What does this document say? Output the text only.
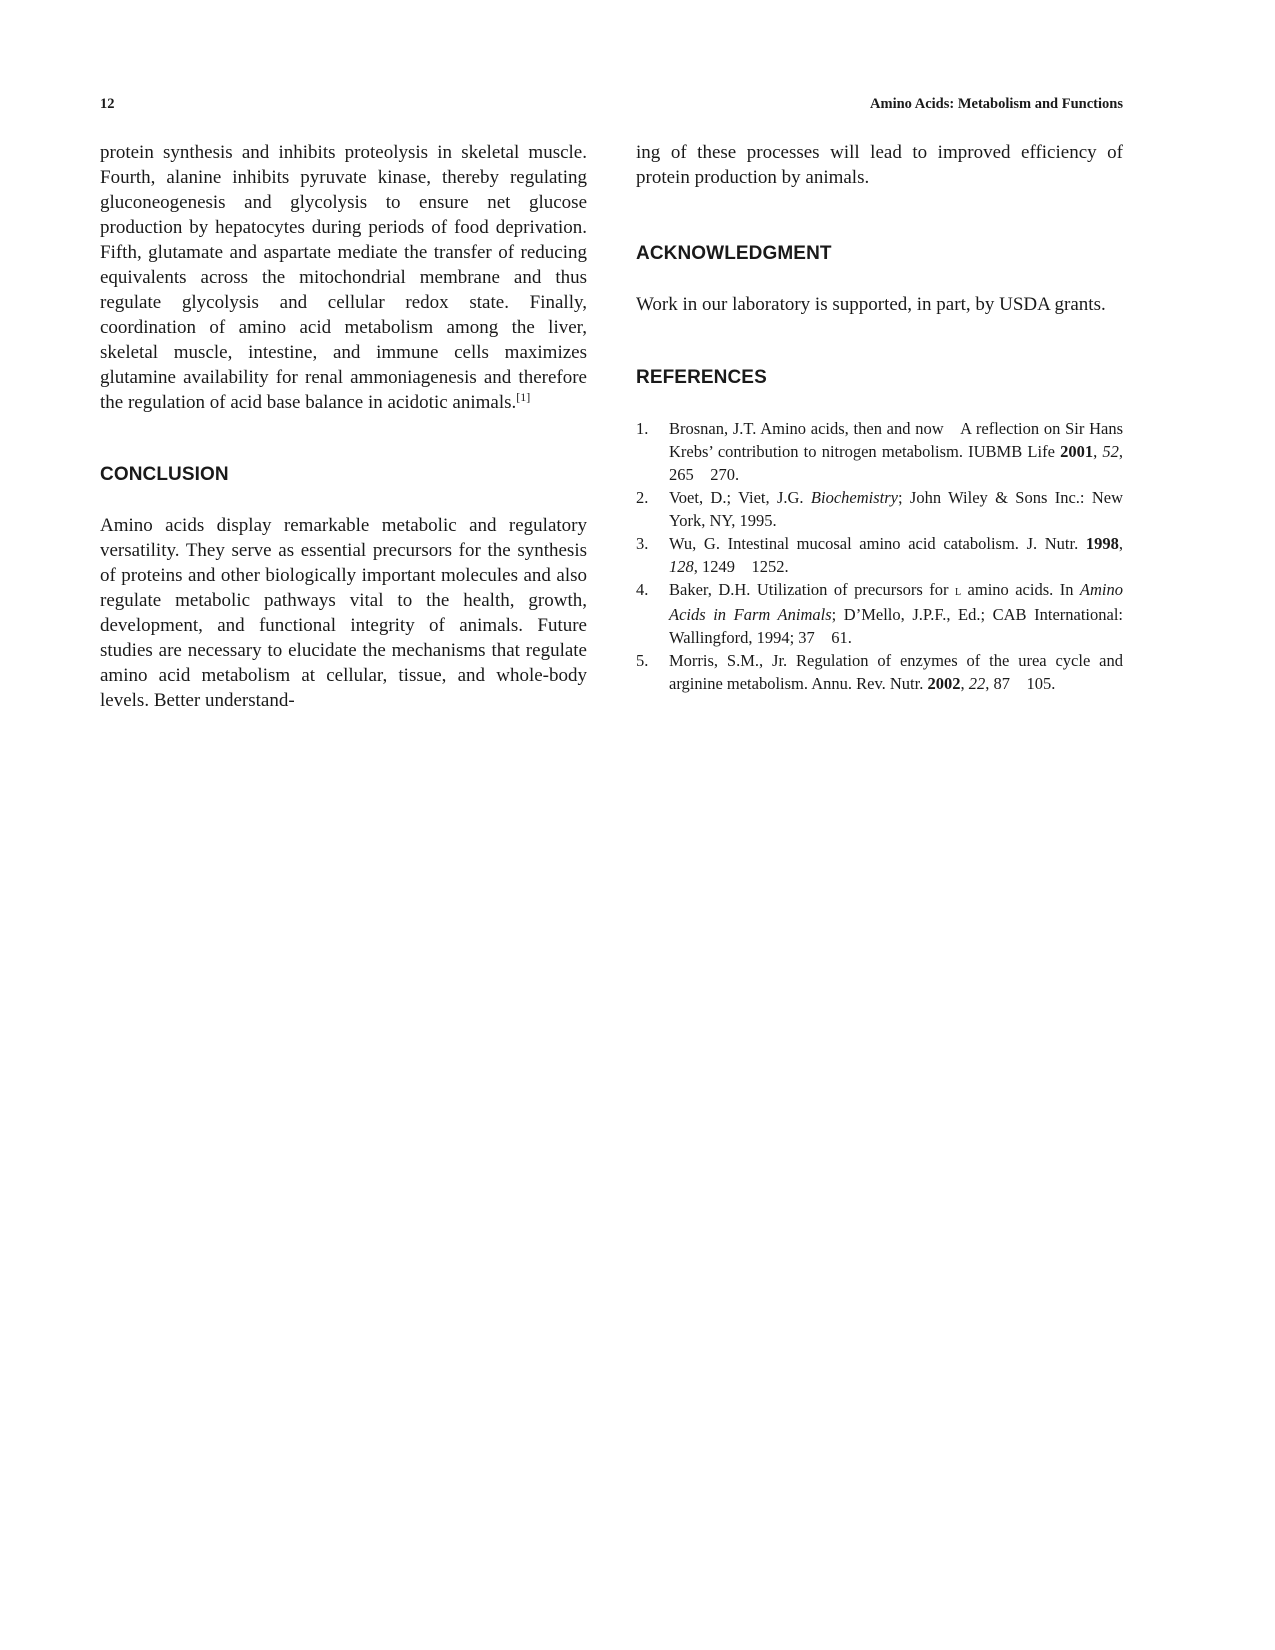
12	Amino Acids: Metabolism and Functions

protein synthesis and inhibits proteolysis in skeletal muscle. Fourth, alanine inhibits pyruvate kinase, thereby regulating gluconeogenesis and glycolysis to ensure net glucose production by hepatocytes during periods of food deprivation. Fifth, glutamate and aspartate mediate the transfer of reducing equivalents across the mitochondrial membrane and thus regulate glycolysis and cellular redox state. Finally, coordination of amino acid metabolism among the liver, skeletal muscle, intestine, and immune cells maximizes glutamine availability for renal ammoniagenesis and therefore the regulation of acid base balance in acidotic animals.[1]

CONCLUSION

Amino acids display remarkable metabolic and regulatory versatility. They serve as essential precursors for the synthesis of proteins and other biologically important molecules and also regulate metabolic pathways vital to the health, growth, development, and functional integrity of animals. Future studies are necessary to elucidate the mechanisms that regulate amino acid metabolism at cellular, tissue, and whole-body levels. Better understand-

ing of these processes will lead to improved efficiency of protein production by animals.

ACKNOWLEDGMENT

Work in our laboratory is supported, in part, by USDA grants.

REFERENCES
1. Brosnan, J.T. Amino acids, then and now  A reflection on Sir Hans Krebs’ contribution to nitrogen metabolism. IUBMB Life 2001, 52, 265  270.
2. Voet, D.; Viet, J.G. Biochemistry; John Wiley & Sons Inc.: New York, NY, 1995.
3. Wu, G. Intestinal mucosal amino acid catabolism. J. Nutr. 1998, 128, 1249  1252.
4. Baker, D.H. Utilization of precursors for l amino acids. In Amino Acids in Farm Animals; D’Mello, J.P.F., Ed.; CAB International: Wallingford, 1994; 37  61.
5. Morris, S.M., Jr. Regulation of enzymes of the urea cycle and arginine metabolism. Annu. Rev. Nutr. 2002, 22, 87  105.
